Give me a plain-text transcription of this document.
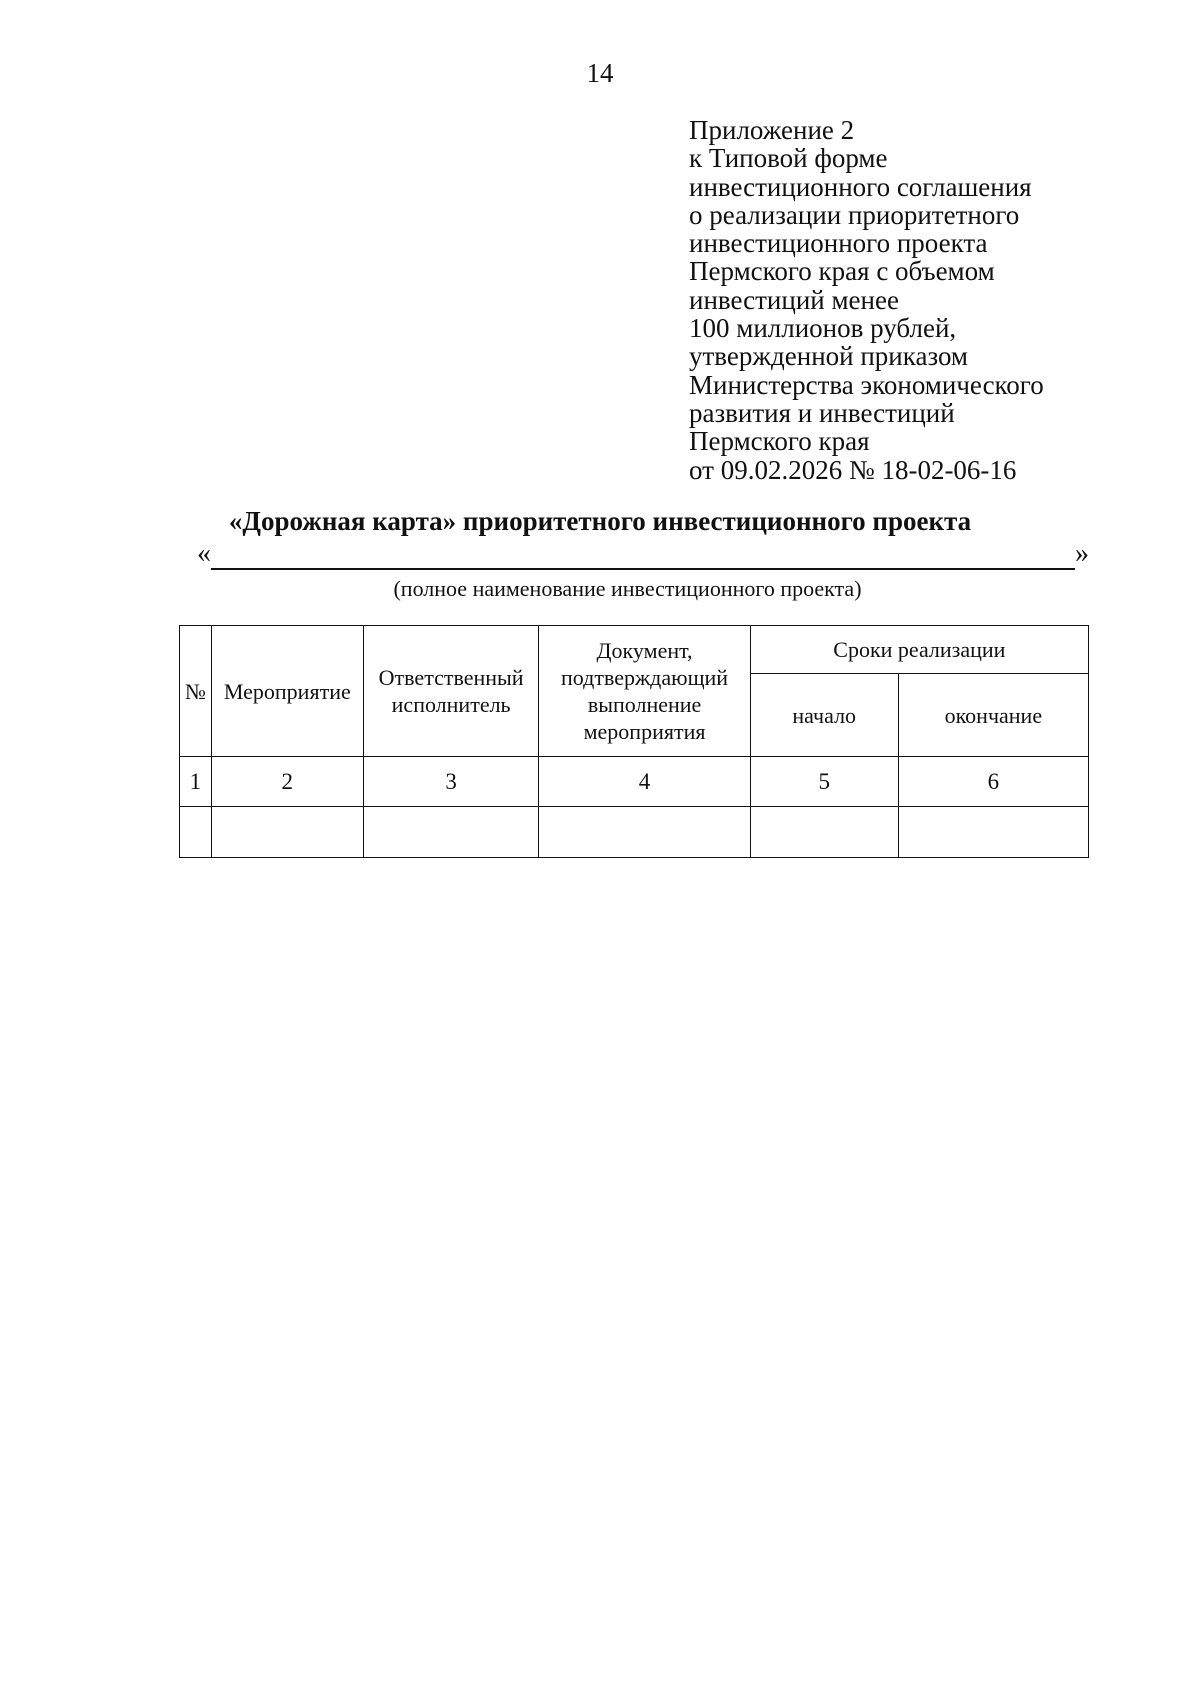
14
Приложение 2
к Типовой форме
инвестиционного соглашения
о реализации приоритетного
инвестиционного проекта
Пермского края с объемом
инвестиций менее
100 миллионов рублей,
утвержденной приказом
Министерства экономического
развития и инвестиций
Пермского края
от 09.02.2026 № 18-02-06-16
«Дорожная карта» приоритетного инвестиционного проекта
«	»
(полное наименование инвестиционного проекта)
№	Мероприятие	Ответственный исполнитель	Документ, подтверждающий выполнение мероприятия	Сроки реализации	
				начало	окончание
1	2	3	4	5	6
